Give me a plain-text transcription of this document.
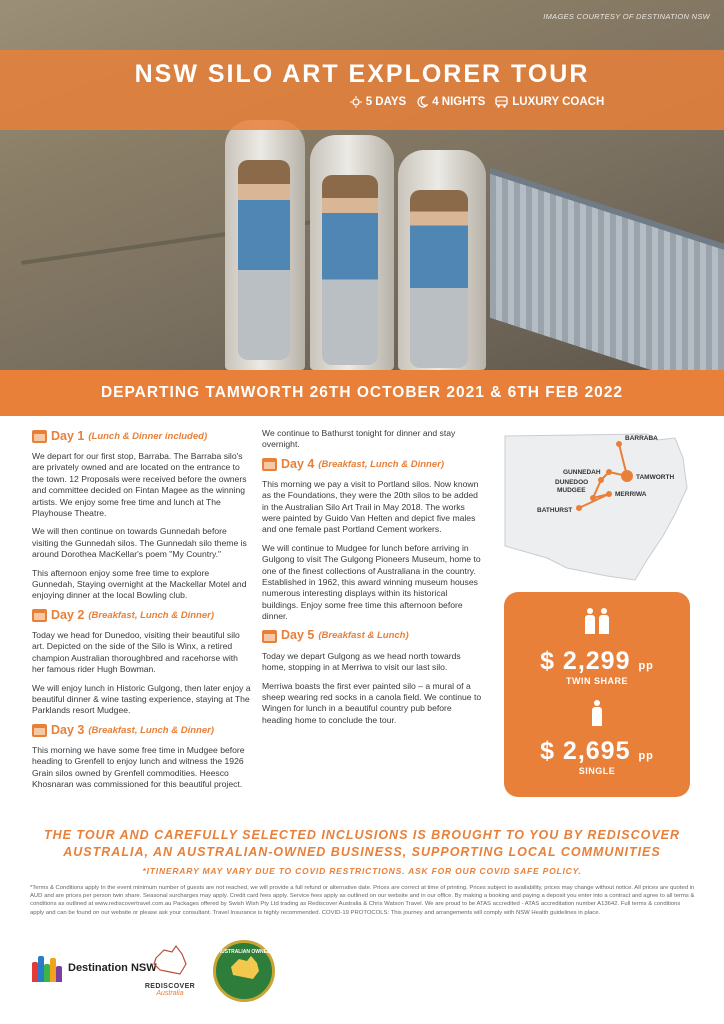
IMAGES COURTESY OF DESTINATION NSW
NSW SILO ART EXPLORER TOUR
5 DAYS 4 NIGHTS LUXURY COACH
DEPARTING TAMWORTH 26TH OCTOBER 2021 & 6TH FEB 2022
Day 1 (Lunch & Dinner included)

We depart for our first stop, Barraba. The Barraba silo's are privately owned and are located on the entrance to the town. 12 Proposals were received before the owners and committee decided on Fintan Magee as the winning artists. We enjoy some free time and lunch at The Playhouse Theatre.

We will then continue on towards Gunnedah before visiting the Gunnedah silos. The Gunnedah silo theme is around Dorothea MacKellar's poem "My Country."

This afternoon enjoy some free time to explore Gunnedah, Staying overnight at the Mackellar Motel and enjoying dinner at the local Bowling club.

Day 2 (Breakfast, Lunch & Dinner)

Today we head for Dunedoo, visiting their beautiful silo art. Depicted on the side of the Silo is Winx, a retired champion Australian thoroughbred and racehorse with her famous rider Hugh Bowman.

We will enjoy lunch in Historic Gulgong, then later enjoy a beautiful dinner & wine tasting experience, staying at The Parklands resort Mudgee.

Day 3 (Breakfast, Lunch & Dinner)

This morning we have some free time in Mudgee before heading to Grenfell to enjoy lunch and witness the 1926 Grain silos owned by Grenfell commodities. Heesco Khosnaran was commissioned for this beautiful project.

We continue to Bathurst tonight for dinner and stay overnight.

Day 4 (Breakfast, Lunch & Dinner)

This morning we pay a visit to Portland silos. Now known as the Foundations, they were the 20th silos to be added in the Australian Silo Art Trail in May 2018. The works were painted by Guido Van Helten and depict five males and one female past Portland Cement workers.

We will continue to Mudgee for lunch before arriving in Gulgong to visit The Gulgong Pioneers Museum, home to one of the finest collections of Australiana in the country. Established in 1962, this award winning museum houses numerous interesting displays within its historical buildings. Enjoy some free time this afternoon before dinner.

Day 5 (Breakfast & Lunch)

Today we depart Gulgong as we head north towards home, stopping in at Merriwa to visit our last silo.

Merriwa boasts the first ever painted silo – a mural of a sheep wearing red socks in a canola field. We continue to Wingen for lunch in a beautiful country pub before heading home to conclude the tour.

BARRABA
GUNNEDAH
TAMWORTH
DUNEDOO
MUDGEE
MERRIWA
BATHURST
$ 2,299 pp
TWIN SHARE
$ 2,695 pp
SINGLE
THE TOUR AND CAREFULLY SELECTED INCLUSIONS IS BROUGHT TO YOU BY REDISCOVER AUSTRALIA, AN AUSTRALIAN-OWNED BUSINESS, SUPPORTING LOCAL COMMUNITIES
*ITINERARY MAY VARY DUE TO COVID RESTRICTIONS. ASK FOR OUR COVID SAFE POLICY.
*Terms & Conditions apply In the event minimum number of guests are not reached, we will provide a full refund or alternative date. Prices are correct at time of printing. Prices subject to availability, prices may change without notice. All prices are quoted in AUD and are prices per person twin share. Seasonal surcharges may apply. Credit card fees apply. Service fees apply as outlined on our website and in our office. By making a booking and paying a deposit you enter into a contract and agree to all terms & conditions as outlined at www.rediscovertravel.com.au Packages offered by Swish Wish Pty Ltd trading as Rediscover Australia & Chris Watson Travel. We are proud to be ATAS accredited - ATAS accreditation number A13642. Full terms & conditions apply and can be found on our website or please ask your consultant. Travel Insurance is highly recommended. COVID-19 PROTOCOLS: This journey and arrangements will comply with NSW Health guidelines in place.
Destination NSW
REDISCOVER
Australia
AUSTRALIAN OWNED
